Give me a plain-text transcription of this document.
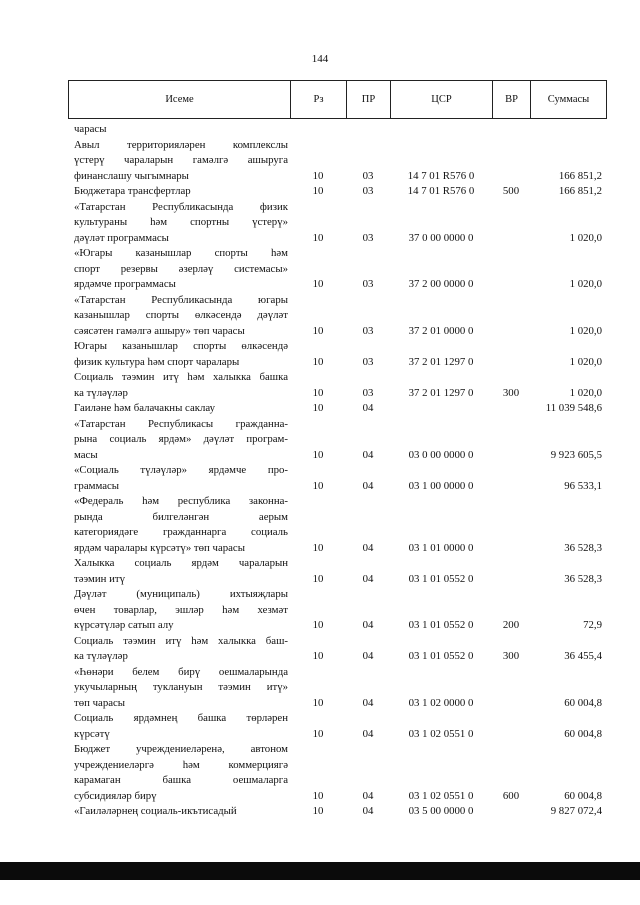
144
Исеме	Рз	ПР	ЦСР	ВР	Суммасы
чарасы					

Авыл территорияләрен комплекслы
үстерү чараларын гамәлгә ашыруга
финанслашу чыгымнары	10	03	14 7 01 R576 0		166 851,2

Бюджетара трансфертлар	10	03	14 7 01 R576 0	500	166 851,2

«Татарстан Республикасында физик
культураны һәм спортны үстерү»
дәүләт программасы	10	03	37 0 00 0000 0		1 020,0

«Югары казанышлар спорты һәм
спорт резервы әзерләү системасы»
ярдәмче программасы	10	03	37 2 00 0000 0		1 020,0

«Татарстан Республикасында югары
казанышлар спорты өлкәсендә дәүләт
сәясәтен гамәлгә ашыру» төп чарасы	10	03	37 2 01 0000 0		1 020,0

Югары казанышлар спорты өлкәсендә
физик культура һәм спорт чаралары	10	03	37 2 01 1297 0		1 020,0

Социаль тәэмин итү һәм халыкка башка
ка түләүләр	10	03	37 2 01 1297 0	300	1 020,0

Гаиләне һәм балачакны саклау	10	04			11 039 548,6

«Татарстан Республикасы гражданна-
рына социаль ярдәм» дәүләт програм-
масы	10	04	03 0 00 0000 0		9 923 605,5

«Социаль түләүләр» ярдәмче про-
граммасы	10	04	03 1 00 0000 0		96 533,1

«Федераль һәм республика законна-
рында билгеләнгән аерым
категориядәге гражданнарга социаль
ярдәм чаралары күрсәтү» төп чарасы	10	04	03 1 01 0000 0		36 528,3

Халыкка социаль ярдәм чараларын
тәэмин итү	10	04	03 1 01 0552 0		36 528,3

Дәүләт (муниципаль) ихтыяҗлары
өчен товарлар, эшләр һәм хезмәт
күрсәтүләр сатып алу	10	04	03 1 01 0552 0	200	72,9

Социаль тәэмин итү һәм халыкка баш-
ка түләүләр	10	04	03 1 01 0552 0	300	36 455,4

«Һөнәри белем бирү оешмаларында
укучыларның туклануын тәэмин итү»
төп чарасы	10	04	03 1 02 0000 0		60 004,8

Социаль ярдәмнең башка төрләрен
күрсәтү	10	04	03 1 02 0551 0		60 004,8

Бюджет учреждениеләренә, автоном
учреждениеләргә һәм коммерциягә
карамаган башка оешмаларга
субсидияләр бирү	10	04	03 1 02 0551 0	600	60 004,8

«Гаиләләрнең социаль-икътисадый	10	04	03 5 00 0000 0		9 827 072,4
